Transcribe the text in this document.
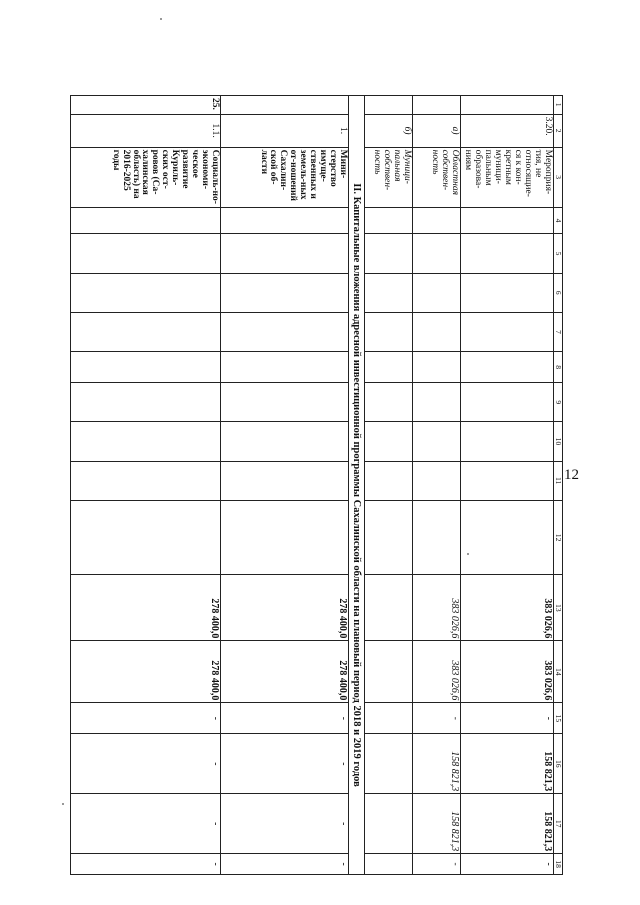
12
1	2	3	4	5	6	7	8	9	10	11	12	13	14	15	16	17	18
	3.20.	Мероприя-тия, не относящие-ся к кон-кретным муници-пальным образова-ниям										383 026,6	383 026,6	-	158 821,3	158 821,3	-
	а)	Областная собствен-ность										383 026,6	383 026,6	-	158 821,3	158 821,3	-
	б)	Муници-пальная собствен-ность															
II. Капитальные вложения адресной инвестиционной программы Сахалинской области на плановый период 2018 и 2019 годов																	
	1.	Мини-стерство имуще-ственных и земель-ных от-ношений Сахалин-ской об-ласти										278 400,0	278 400,0	-	-	-	-
25.	1.1.	Социаль-но-экономи-ческое развитие Куриль-ских ост-ровов (Са-халинская область) на 2016-2025 годы										278 400,0	278 400,0	-	-	-	-
